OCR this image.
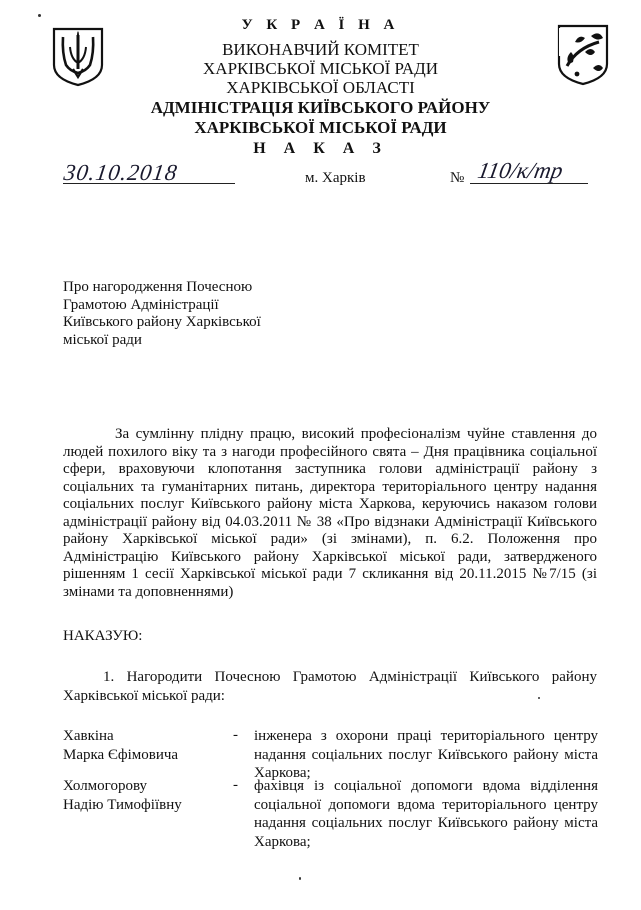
У К Р А Ї Н А
ВИКОНАВЧИЙ КОМІТЕТ
ХАРКІВСЬКОЇ МІСЬКОЇ РАДИ
ХАРКІВСЬКОЇ ОБЛАСТІ
АДМІНІСТРАЦІЯ КИЇВСЬКОГО РАЙОНУ
ХАРКІВСЬКОЇ МІСЬКОЇ РАДИ
Н А К А З
30.10.2018	м. Харків	№ 110/к/тр
Про нагородження Почесною
Грамотою Адміністрації
Київського району Харківської
міської ради
За сумлінну плідну працю, високий професіоналізм чуйне ставлення до людей похилого віку та з нагоди професійного свята – Дня працівника соціальної сфери, враховуючи клопотання заступника голови адміністрації району з соціальних та гуманітарних питань, директора територіального центру надання соціальних послуг Київського району міста Харкова, керуючись наказом голови адміністрації району від 04.03.2011 № 38 «Про відзнаки Адміністрації Київського району Харківської міської ради» (зі змінами), п. 6.2. Положення про Адміністрацію Київського району Харківської міської ради, затвердженого рішенням 1 сесії Харківської міської ради 7 скликання від 20.11.2015 №7/15 (зі змінами та доповненнями)
НАКАЗУЮ:
1. Нагородити Почесною Грамотою Адміністрації Київського району Харківської міської ради:
Хавкіна
Марка Єфімовича
- інженера з охорони праці територіального центру надання соціальних послуг Київського району міста Харкова;
Холмогорову
Надію Тимофіївну
- фахівця із соціальної допомоги вдома відділення соціальної допомоги вдома територіального центру надання соціальних послуг Київського району міста Харкова;
